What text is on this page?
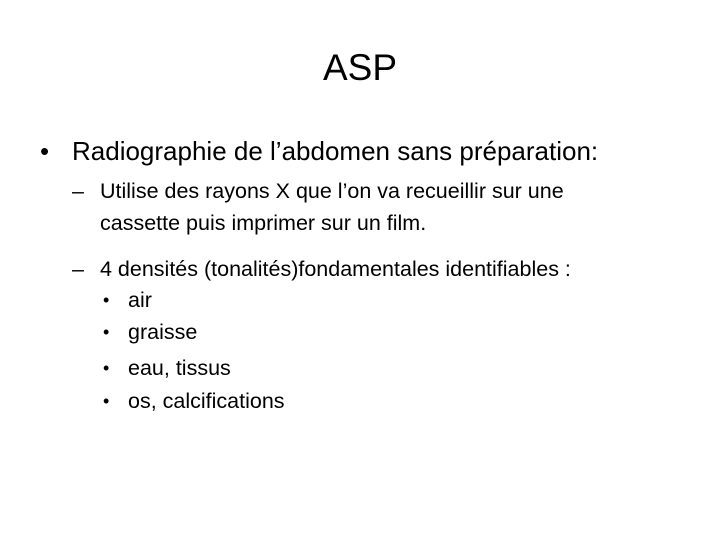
ASP
• Radiographie de l’abdomen sans préparation:
– Utilise des rayons X que l’on va recueillir sur une
cassette puis imprimer sur un film.
– 4 densités (tonalités)fondamentales identifiables :
• air
• graisse
• eau, tissus
• os, calcifications
